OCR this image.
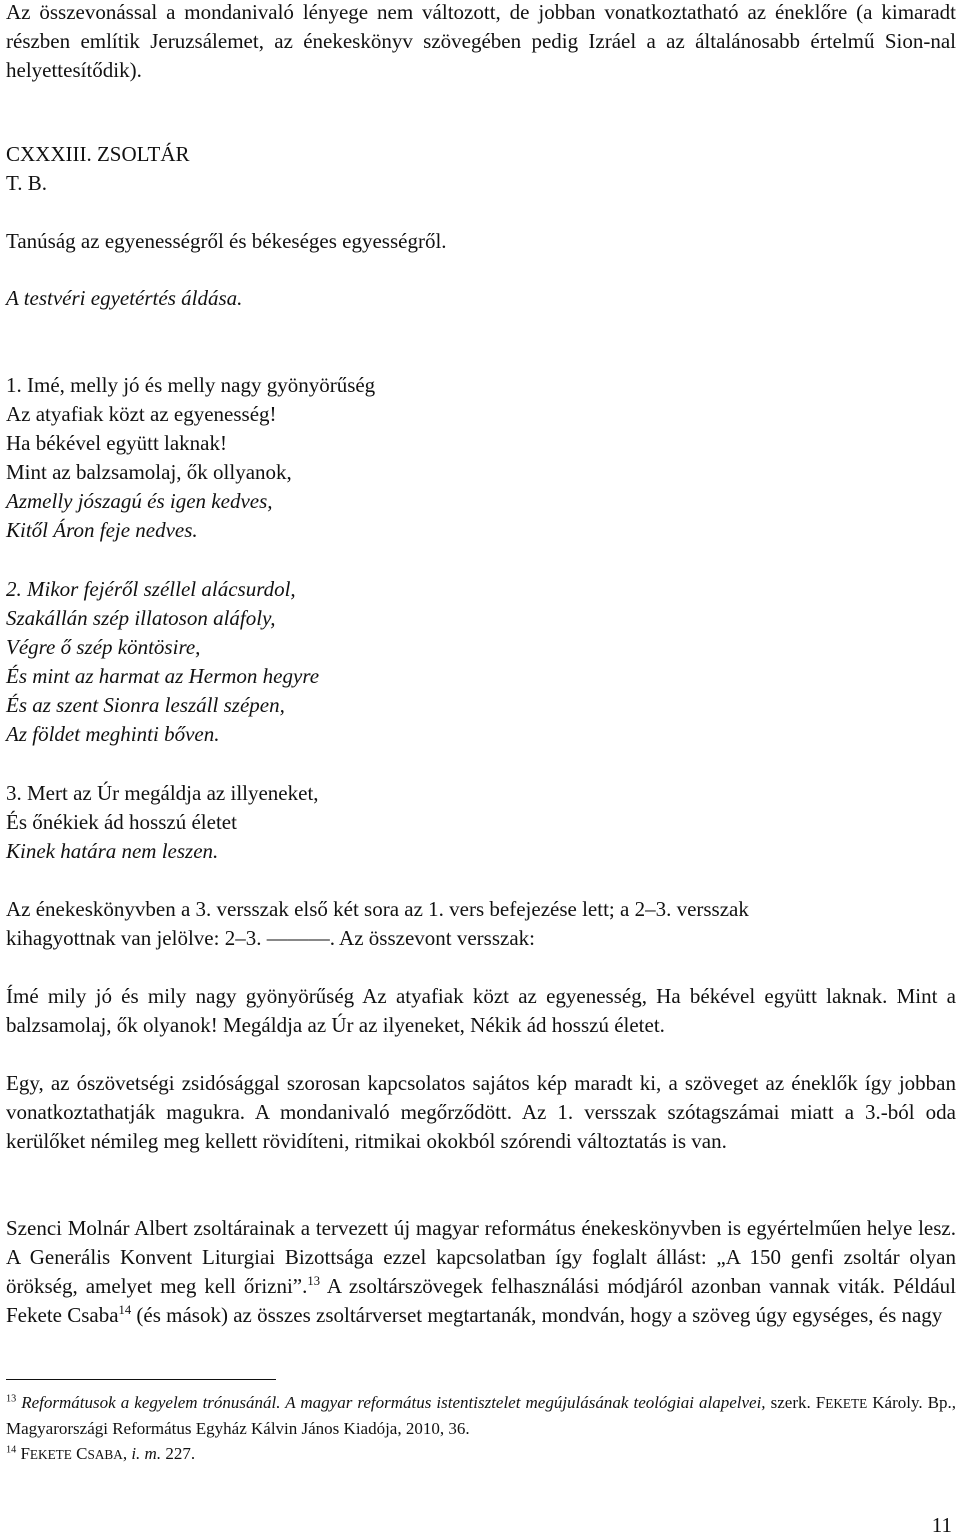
Az összevonással a mondanivaló lényege nem változott, de jobban vonatkoztatható az éneklőre (a kimaradt részben említik Jeruzsálemet, az énekeskönyv szövegében pedig Izráel a az általánosabb értelmű Sion-nal helyettesítődik).

CXXXIII. ZSOLTÁR

T. B.

Tanúság az egyenességről és békeséges egyességről.

A testvéri egyetértés áldása.

1. Imé, melly jó és melly nagy gyönyörűség

Az atyafiak közt az egyenesség!

Ha békével együtt laknak!

Mint az balzsamolaj, ők ollyanok,

Azmelly jószagú és igen kedves,

Kitől Áron feje nedves.

2. Mikor fejéről széllel alácsurdol,

Szakállán szép illatoson aláfoly,

Végre ő szép köntösire,

És mint az harmat az Hermon hegyre

És az szent Sionra leszáll szépen,

Az földet meghinti bőven.

3. Mert az Úr megáldja az illyeneket,

És őnékiek ád hosszú életet

Kinek határa nem leszen.

Az énekeskönyvben a 3. versszak első két sora az 1. vers befejezése lett; a 2–3. versszak

kihagyottnak van jelölve: 2–3. ———. Az összevont versszak:

Ímé mily jó és mily nagy gyönyörűség Az atyafiak közt az egyenesség, Ha békével együtt laknak. Mint a balzsamolaj, ők olyanok! Megáldja az Úr az ilyeneket, Nékik ád hosszú életet.

Egy, az ószövetségi zsidósággal szorosan kapcsolatos sajátos kép maradt ki, a szöveget az éneklők így jobban vonatkoztathatják magukra. A mondanivaló megőrződött. Az 1. versszak szótagszámai miatt a 3.-ból oda kerülőket némileg meg kellett rövidíteni, ritmikai okokból szórendi változtatás is van.

Szenci Molnár Albert zsoltárainak a tervezett új magyar református énekeskönyvben is egyértelműen helye lesz. A Generális Konvent Liturgiai Bizottsága ezzel kapcsolatban így foglalt állást: „A 150 genfi zsoltár olyan örökség, amelyet meg kell őrizni”.$^{13}$ A zsoltárszövegek felhasználási módjáról azonban vannak viták. Például Fekete Csaba$^{14}$ (és mások) az összes zsoltárverset megtartanák, mondván, hogy a szöveg úgy egységes, és nagy

$^{13}$ Reformátusok a kegyelem trónusánál. A magyar református istentisztelet megújulásának teológiai alapelvei, szerk. FEKETE Károly. Bp., Magyarországi Református Egyház Kálvin János Kiadója, 2010, 36.

$^{14}$ FEKETE CSABA, i. m. 227.

11
